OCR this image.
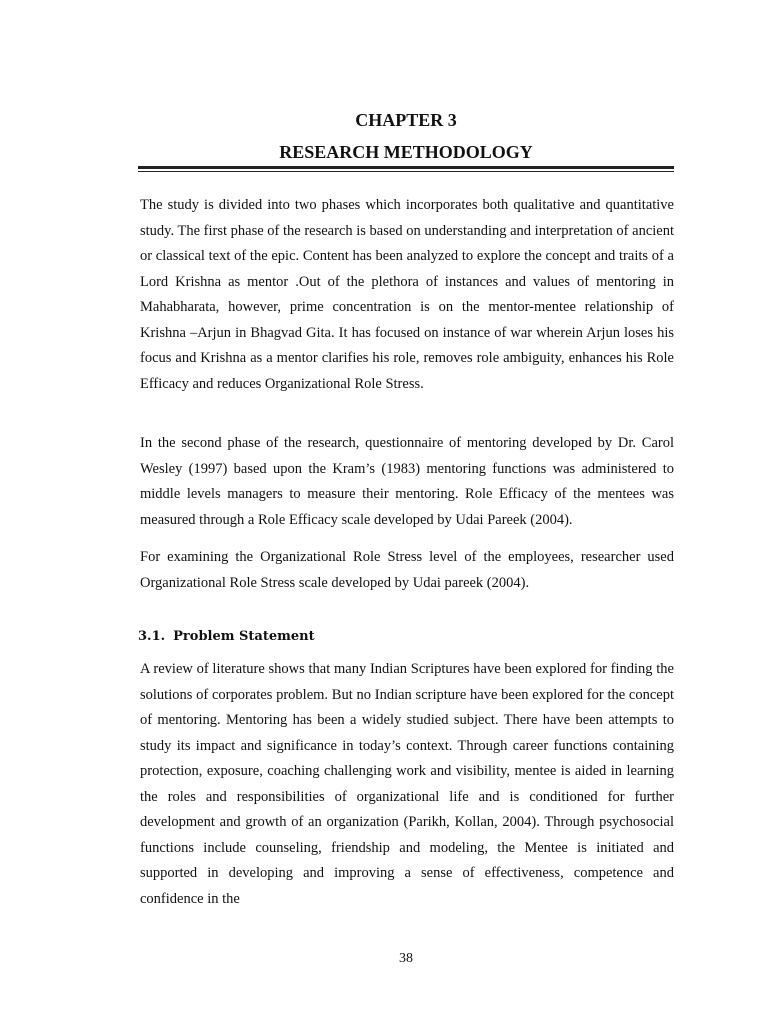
CHAPTER 3
RESEARCH METHODOLOGY

The study is divided into two phases which incorporates both qualitative and quantitative study. The first phase of the research is based on understanding and interpretation of ancient or classical text of the epic. Content has been analyzed to explore the concept and traits of a Lord Krishna as mentor .Out of the plethora of instances and values of mentoring in Mahabharata, however, prime concentration is on the mentor-mentee relationship of Krishna –Arjun in Bhagvad Gita. It has focused on instance of war wherein Arjun loses his focus and Krishna as a mentor clarifies his role, removes role ambiguity, enhances his Role Efficacy and reduces Organizational Role Stress.

In the second phase of the research, questionnaire of mentoring developed by Dr. Carol Wesley (1997) based upon the Kram’s (1983) mentoring functions was administered to middle levels managers to measure their mentoring. Role Efficacy of the mentees was measured through a Role Efficacy scale developed by Udai Pareek (2004).

For examining the Organizational Role Stress level of the employees, researcher used Organizational Role Stress scale developed by Udai pareek (2004).

3.1. Problem Statement

A review of literature shows that many Indian Scriptures have been explored for finding the solutions of corporates problem. But no Indian scripture have been explored for the concept of mentoring. Mentoring has been a widely studied subject. There have been attempts to study its impact and significance in today’s context. Through career functions containing protection, exposure, coaching challenging work and visibility, mentee is aided in learning the roles and responsibilities of organizational life and is conditioned for further development and growth of an organization (Parikh, Kollan, 2004). Through psychosocial functions include counseling, friendship and modeling, the Mentee is initiated and supported in developing and improving a sense of effectiveness, competence and confidence in the

38
